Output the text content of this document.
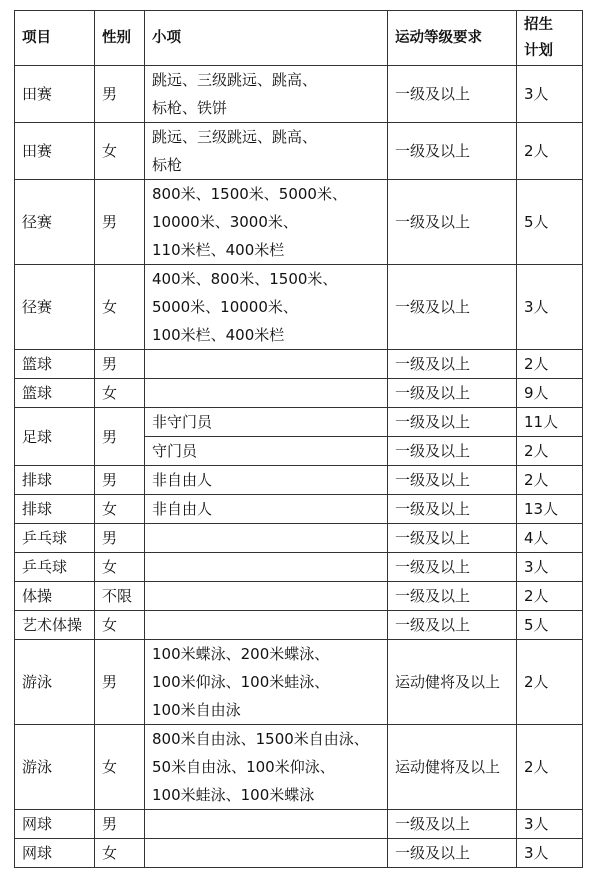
项目	性别	小项	运动等级要求	招生
计划
田赛	男	跳远、三级跳远、跳高、
标枪、铁饼	一级及以上	3人
田赛	女	跳远、三级跳远、跳高、
标枪	一级及以上	2人
径赛	男	800米、1500米、5000米、
10000米、3000米、
110米栏、400米栏	一级及以上	5人
径赛	女	400米、800米、1500米、
5000米、10000米、
100米栏、400米栏	一级及以上	3人
篮球	男		一级及以上	2人
篮球	女		一级及以上	9人
足球	男	非守门员	一级及以上	11人
		守门员	一级及以上	2人
排球	男	非自由人	一级及以上	2人
排球	女	非自由人	一级及以上	13人
乒乓球	男		一级及以上	4人
乒乓球	女		一级及以上	3人
体操	不限		一级及以上	2人
艺术体操	女		一级及以上	5人
游泳	男	100米蝶泳、200米蝶泳、
100米仰泳、100米蛙泳、
100米自由泳	运动健将及以上	2人
游泳	女	800米自由泳、1500米自由泳、
50米自由泳、100米仰泳、
100米蛙泳、100米蝶泳	运动健将及以上	2人
网球	男		一级及以上	3人
网球	女		一级及以上	3人
